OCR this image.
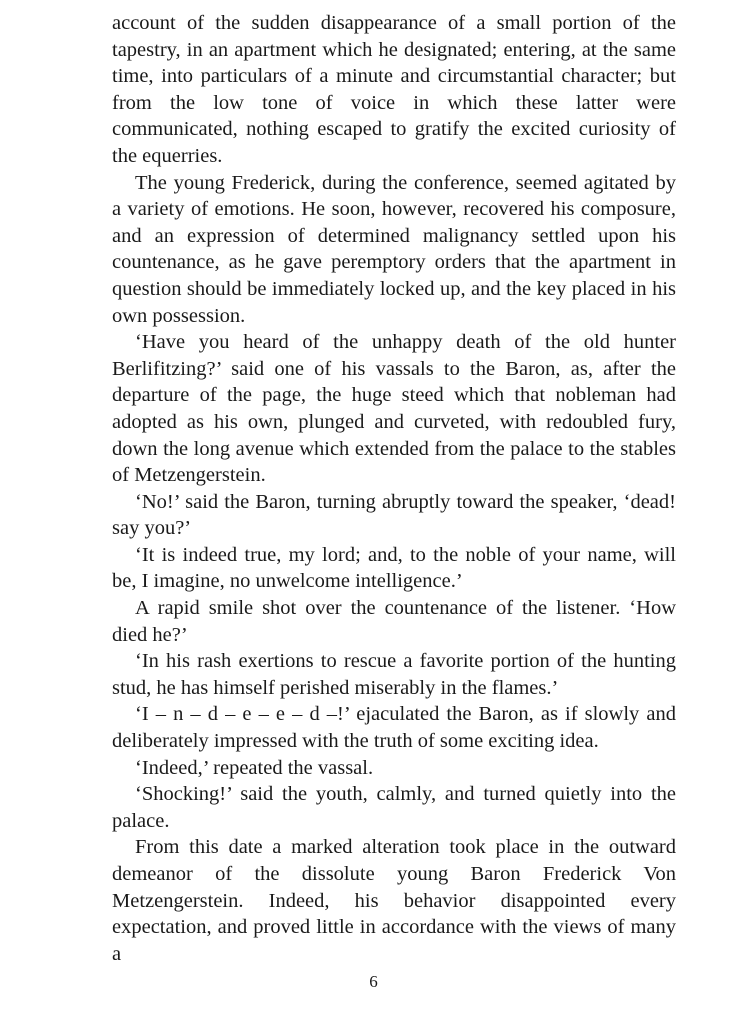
account of the sudden disappearance of a small portion of the tapestry, in an apartment which he designated; entering, at the same time, into particulars of a minute and circumstantial character; but from the low tone of voice in which these latter were communicated, nothing escaped to gratify the excited curiosity of the equerries.

The young Frederick, during the conference, seemed agitated by a variety of emotions. He soon, however, recovered his composure, and an expression of determined malignancy settled upon his countenance, as he gave peremptory orders that the apartment in question should be immediately locked up, and the key placed in his own possession.

‘Have you heard of the unhappy death of the old hunter Berlifitzing?’ said one of his vassals to the Baron, as, after the departure of the page, the huge steed which that nobleman had adopted as his own, plunged and curveted, with redoubled fury, down the long avenue which extended from the palace to the stables of Metzengerstein.

‘No!’ said the Baron, turning abruptly toward the speaker, ‘dead! say you?’

‘It is indeed true, my lord; and, to the noble of your name, will be, I imagine, no unwelcome intelligence.’

A rapid smile shot over the countenance of the listener. ‘How died he?’

‘In his rash exertions to rescue a favorite portion of the hunting stud, he has himself perished miserably in the flames.’

‘I – n – d – e – e – d –!’ ejaculated the Baron, as if slowly and deliberately impressed with the truth of some exciting idea.

‘Indeed,’ repeated the vassal.

‘Shocking!’ said the youth, calmly, and turned quietly into the palace.

From this date a marked alteration took place in the outward demeanor of the dissolute young Baron Frederick Von Metzengerstein. Indeed, his behavior disappointed every expectation, and proved little in accordance with the views of many a

6
